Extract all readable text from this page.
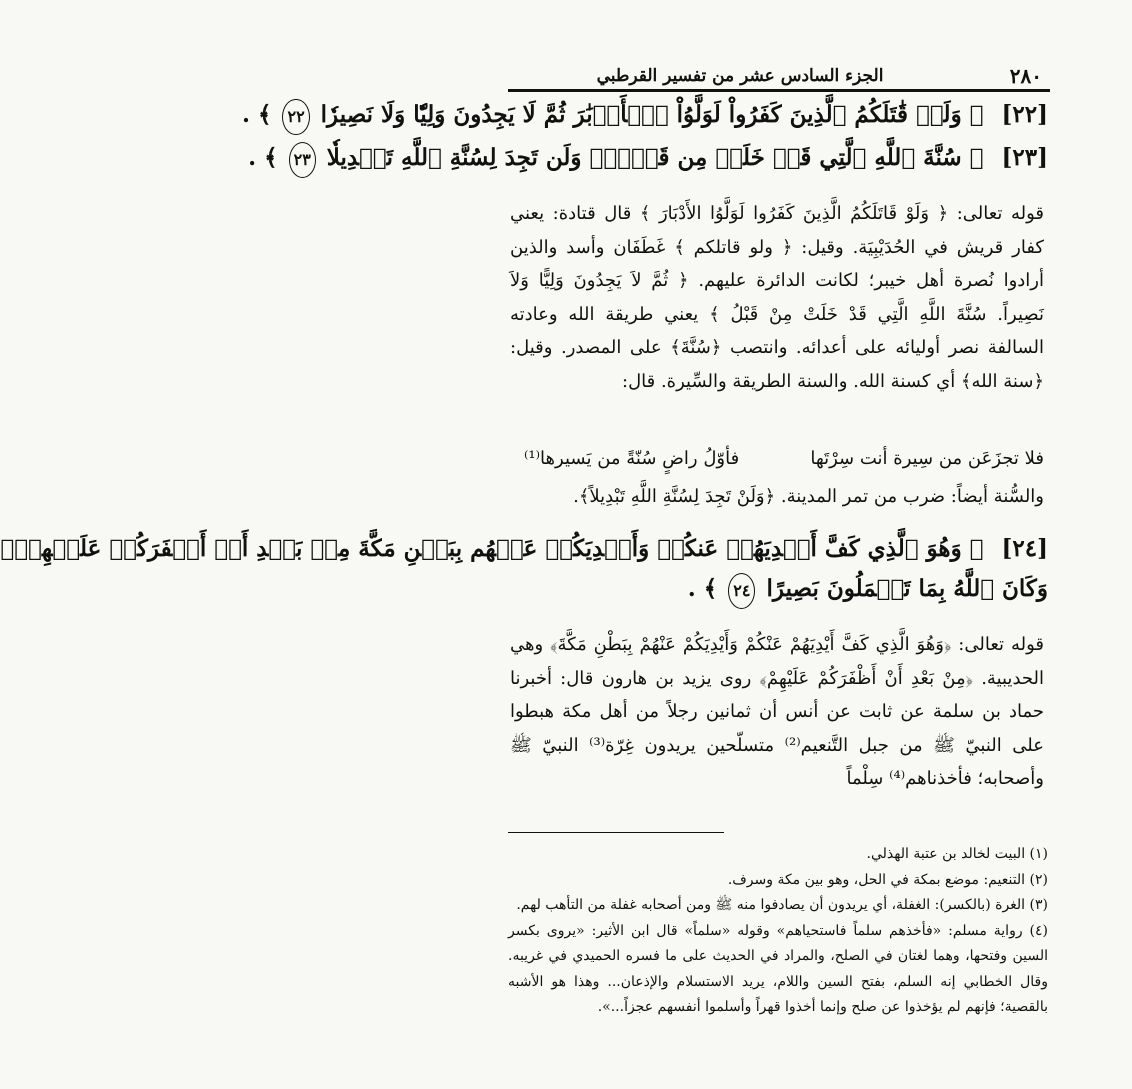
٢٨٠
الجزء السادس عشر من تفسير القرطبي
[٢٢] ﴿ وَلَوۡ قَٰتَلَكُمُ ٱلَّذِينَ كَفَرُواْ لَوَلَّوُاْ ٱلۡأَدۡبَٰرَ ثُمَّ لَا يَجِدُونَ وَلِيّٗا وَلَا نَصِيرٗا ٢٢ ﴾ .
[٢٣] ﴿ سُنَّةَ ٱللَّهِ ٱلَّتِي قَدۡ خَلَتۡ مِن قَبۡلُۖ وَلَن تَجِدَ لِسُنَّةِ ٱللَّهِ تَبۡدِيلٗا ٢٣ ﴾ .

قوله تعالى: ﴿ وَلَوْ قَاتَلَكُمُ الَّذِينَ كَفَرُوا لَوَلَّوُا الأَدْبَارَ ﴾ قال قتادة: يعني كفار قريش في الحُدَيْبِيَة. وقيل: ﴿ ولو قاتلكم ﴾ غَطَفَان وأسد والذين أرادوا نُصرة أهل خيبر؛ لكانت الدائرة عليهم. ﴿ ثُمَّ لاَ يَجِدُونَ وَلِيًّا وَلاَ نَصِيراً. سُنَّةَ اللَّهِ الَّتِي قَدْ خَلَتْ مِنْ قَبْلُ ﴾ يعني طريقة الله وعادته السالفة نصر أوليائه على أعدائه. وانتصب ﴿سُنَّةَ﴾ على المصدر. وقيل: ﴿سنة الله﴾ أي كسنة الله. والسنة الطريقة والسِّيرة. قال:

فلا تجزَعَن من سِيرة أنت سِرْتَها
فأوّلُ راضٍ سُنّةً من يَسيرها⁽¹⁾

والسُّنة أيضاً: ضرب من تمر المدينة. ﴿وَلَنْ تَجِدَ لِسُنَّةِ اللَّهِ تَبْدِيلاً﴾.

[٢٤] ﴿ وَهُوَ ٱلَّذِي كَفَّ أَيۡدِيَهُمۡ عَنكُمۡ وَأَيۡدِيَكُمۡ عَنۡهُم بِبَطۡنِ مَكَّةَ مِنۢ بَعۡدِ أَنۡ أَظۡفَرَكُمۡ عَلَيۡهِمۡۚ
وَكَانَ ٱللَّهُ بِمَا تَعۡمَلُونَ بَصِيرًا ٢٤ ﴾ .

قوله تعالى: ﴿وَهُوَ الَّذِي كَفَّ أَيْدِيَهُمْ عَنْكُمْ وَأَيْدِيَكُمْ عَنْهُمْ بِبَطْنِ مَكَّةَ﴾ وهي الحديبية. ﴿مِنْ بَعْدِ أَنْ أَظْفَرَكُمْ عَلَيْهِمْ﴾ روى يزيد بن هارون قال: أخبرنا حماد بن سلمة عن ثابت عن أنس أن ثمانين رجلاً من أهل مكة هبطوا على النبيّ ﷺ من جبل التَّنعيم⁽²⁾ متسلّحين يريدون غِرّة⁽³⁾ النبيّ ﷺ وأصحابه؛ فأخذناهم⁽⁴⁾ سِلْماً

(١) البيت لخالد بن عتبة الهذلي.

(٢) التنعيم: موضع بمكة في الحل، وهو بين مكة وسرف.

(٣) الغرة (بالكسر): الغفلة، أي يريدون أن يصادفوا منه ﷺ ومن أصحابه غفلة من التأهب لهم.

(٤) رواية مسلم: «فأخذهم سلماً فاستحياهم» وقوله «سلماً» قال ابن الأثير: «يروى بكسر السين وفتحها، وهما لغتان في الصلح، والمراد في الحديث على ما فسره الحميدي في غريبه. وقال الخطابي إنه السلم، بفتح السين واللام، يريد الاستسلام والإذعان... وهذا هو الأشبه بالقصية؛ فإنهم لم يؤخذوا عن صلح وإنما أخذوا قهراً وأسلموا أنفسهم عجزاً...».
